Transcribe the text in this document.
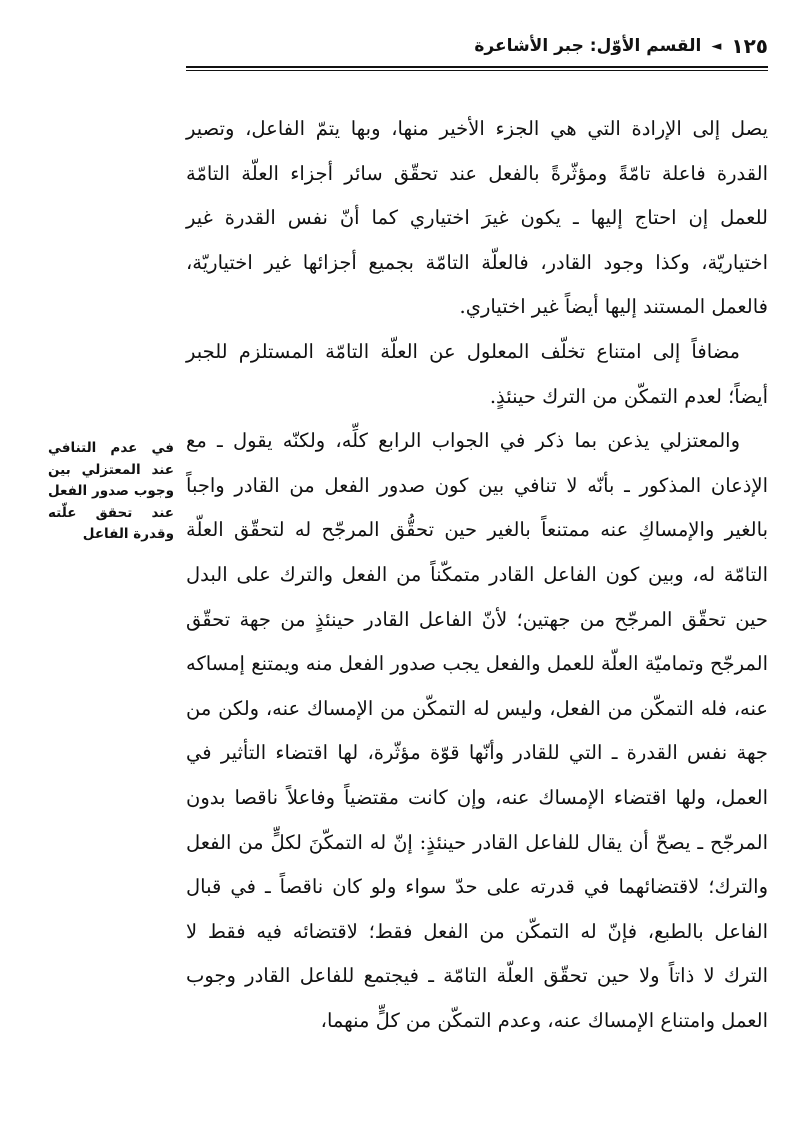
١٢٥
◄
القسم الأوّل: جبر الأشاعرة

يصل إلى الإرادة التي هي الجزء الأخير منها، وبها يتمّ الفاعل، وتصير القدرة فاعلة تامّةً ومؤثّرةً بالفعل عند تحقّق سائر أجزاء العلّة التامّة للعمل إن احتاج إليها ـ يكون غيرَ اختياري كما أنّ نفس القدرة غير اختياريّة، وكذا وجود القادر، فالعلّة التامّة بجميع أجزائها غير اختياريّة، فالعمل المستند إليها أيضاً غير اختياري.

مضافاً إلى امتناع تخلّف المعلول عن العلّة التامّة المستلزم للجبر أيضاً؛ لعدم التمكّن من الترك حينئذٍ.

والمعتزلي يذعن بما ذكر في الجواب الرابع كلِّه، ولكنّه يقول ـ مع الإذعان المذكور ـ بأنّه لا تنافي بين كون صدور الفعل من القادر واجباً بالغير والإمساكِ عنه ممتنعاً بالغير حين تحقُّق المرجّح له لتحقّق العلّة التامّة له، وبين كون الفاعل القادر متمكّناً من الفعل والترك على البدل حين تحقّق المرجّح من جهتين؛ لأنّ الفاعل القادر حينئذٍ من جهة تحقّق المرجّح وتماميّة العلّة للعمل والفعل يجب صدور الفعل منه ويمتنع إمساكه عنه، فله التمكّن من الفعل، وليس له التمكّن من الإمساك عنه، ولكن من جهة نفس القدرة ـ التي للقادر وأنّها قوّة مؤثّرة، لها اقتضاء التأثير في العمل، ولها اقتضاء الإمساك عنه، وإن كانت مقتضياً وفاعلاً ناقصا بدون المرجّح ـ يصحّ أن يقال للفاعل القادر حينئذٍ: إنّ له التمكّنَ لكلٍّ من الفعل والترك؛ لاقتضائهما في قدرته على حدّ سواء ولو كان ناقصاً ـ في قبال الفاعل بالطبع، فإنّ له التمكّن من الفعل فقط؛ لاقتضائه فيه فقط لا الترك لا ذاتاً ولا حين تحقّق العلّة التامّة ـ فيجتمع للفاعل القادر وجوب العمل وامتناع الإمساك عنه، وعدم التمكّن من كلٍّ منهما،

في عدم التنافي عند المعتزلي بين وجوب صدور الفعل عند تحقق علّته وقدرة الفاعل
